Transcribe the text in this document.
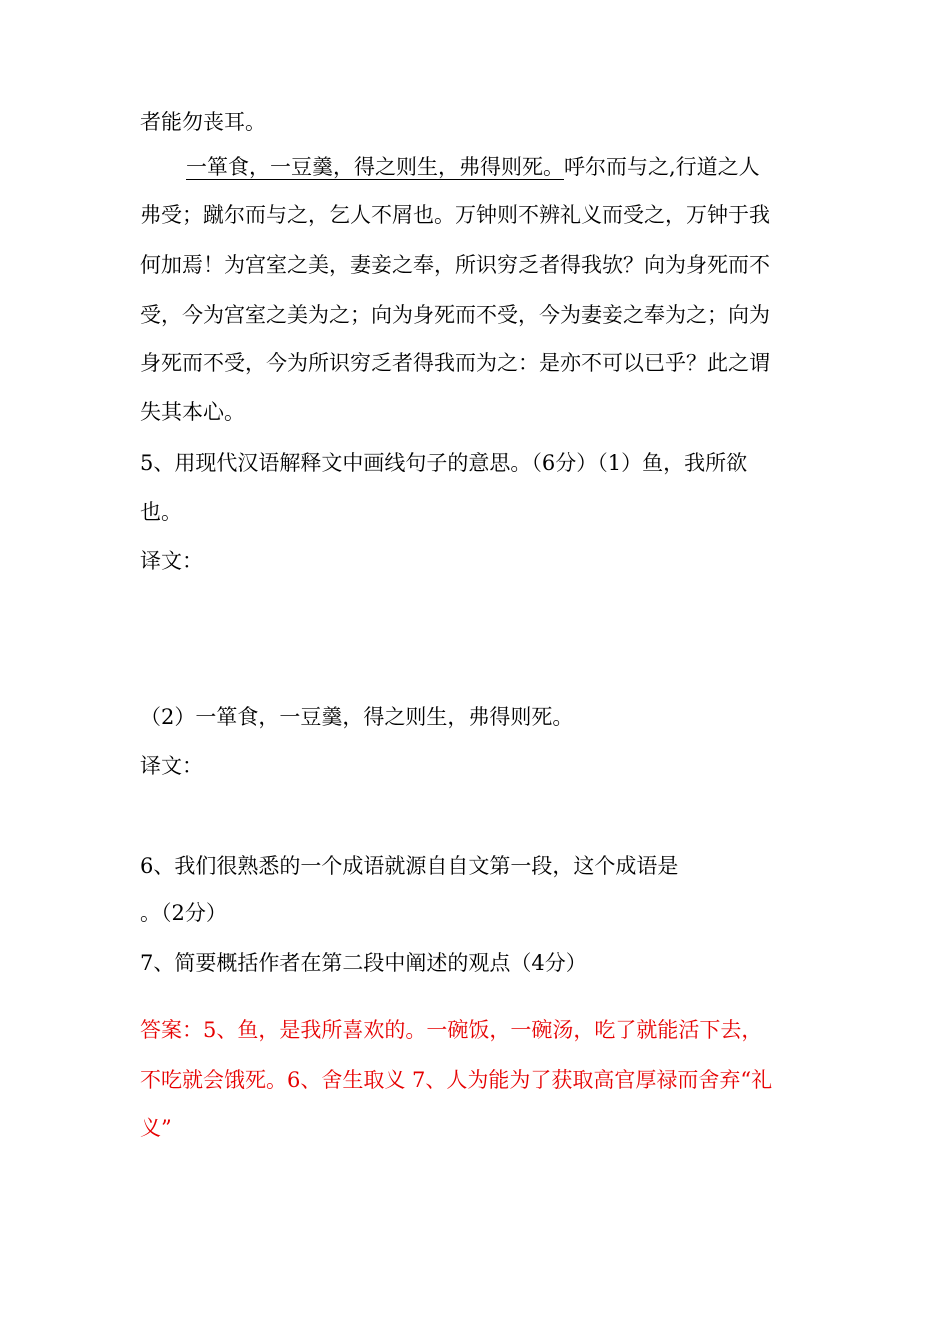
者能勿丧耳。
一箪食，一豆羹，得之则生，弗得则死。呼尔而与之,行道之人
弗受；蹴尔而与之，乞人不屑也。万钟则不辨礼义而受之，万钟于我
何加焉！为宫室之美，妻妾之奉，所识穷乏者得我欤？向为身死而不
受，今为宫室之美为之；向为身死而不受，今为妻妾之奉为之；向为
身死而不受，今为所识穷乏者得我而为之：是亦不可以已乎？此之谓
失其本心。
5、用现代汉语解释文中画线句子的意思。（6分）（1）鱼，我所欲
也。
译文：
（2）一箪食，一豆羹，得之则生，弗得则死。
译文：
6、我们很熟悉的一个成语就源自自文第一段，这个成语是
。（2分）
7、简要概括作者在第二段中阐述的观点（4分）
答案：5、鱼，是我所喜欢的。一碗饭，一碗汤，吃了就能活下去，
不吃就会饿死。6、舍生取义 7、人为能为了获取高官厚禄而舍弃“礼
义”
